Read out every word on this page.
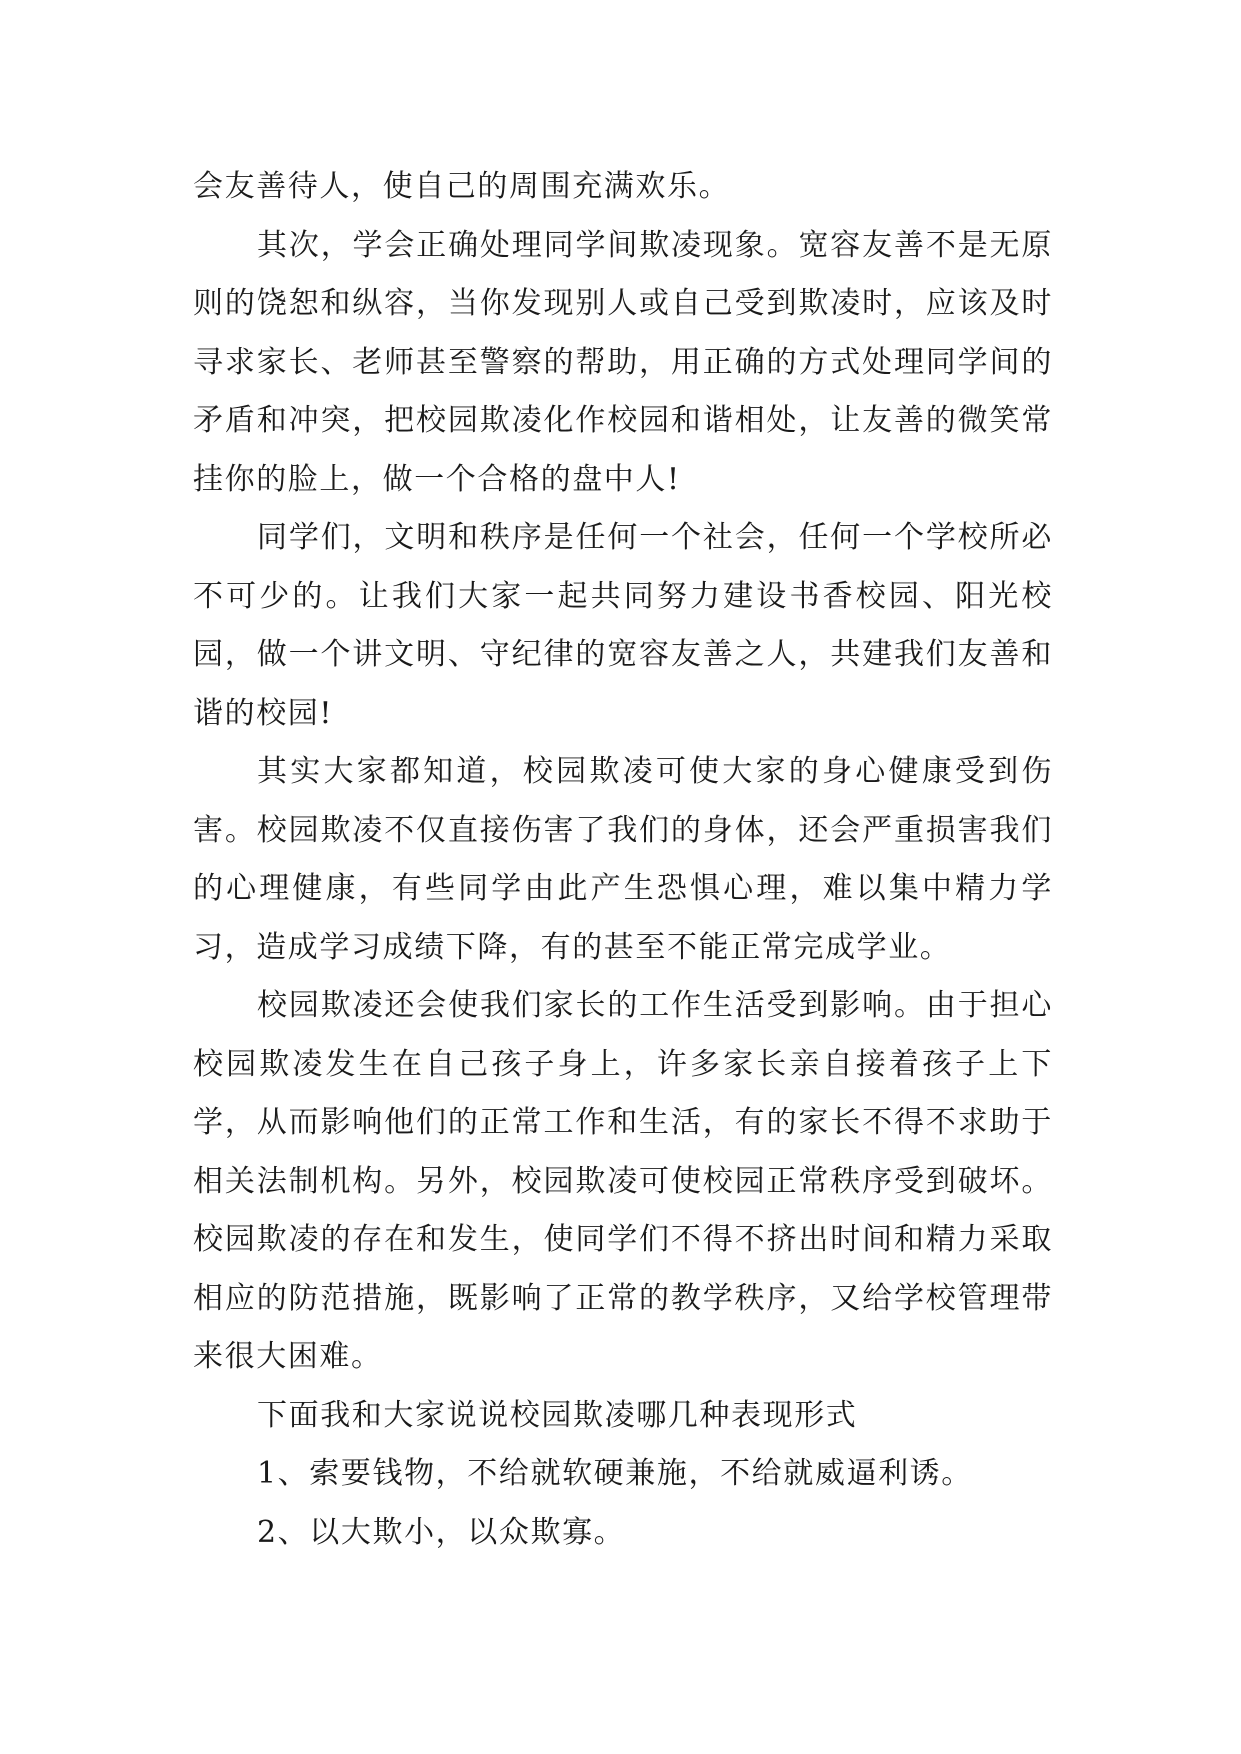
会友善待人，使自己的周围充满欢乐。

其次，学会正确处理同学间欺凌现象。宽容友善不是无原则的饶恕和纵容，当你发现别人或自己受到欺凌时，应该及时寻求家长、老师甚至警察的帮助，用正确的方式处理同学间的矛盾和冲突，把校园欺凌化作校园和谐相处，让友善的微笑常挂你的脸上，做一个合格的盘中人!

同学们，文明和秩序是任何一个社会，任何一个学校所必不可少的。让我们大家一起共同努力建设书香校园、阳光校园，做一个讲文明、守纪律的宽容友善之人，共建我们友善和谐的校园!

其实大家都知道，校园欺凌可使大家的身心健康受到伤害。校园欺凌不仅直接伤害了我们的身体，还会严重损害我们的心理健康，有些同学由此产生恐惧心理，难以集中精力学习，造成学习成绩下降，有的甚至不能正常完成学业。

校园欺凌还会使我们家长的工作生活受到影响。由于担心校园欺凌发生在自己孩子身上，许多家长亲自接着孩子上下学，从而影响他们的正常工作和生活，有的家长不得不求助于相关法制机构。另外，校园欺凌可使校园正常秩序受到破坏。校园欺凌的存在和发生，使同学们不得不挤出时间和精力采取相应的防范措施，既影响了正常的教学秩序，又给学校管理带来很大困难。

下面我和大家说说校园欺凌哪几种表现形式

1、索要钱物，不给就软硬兼施，不给就威逼利诱。

2、以大欺小，以众欺寡。
